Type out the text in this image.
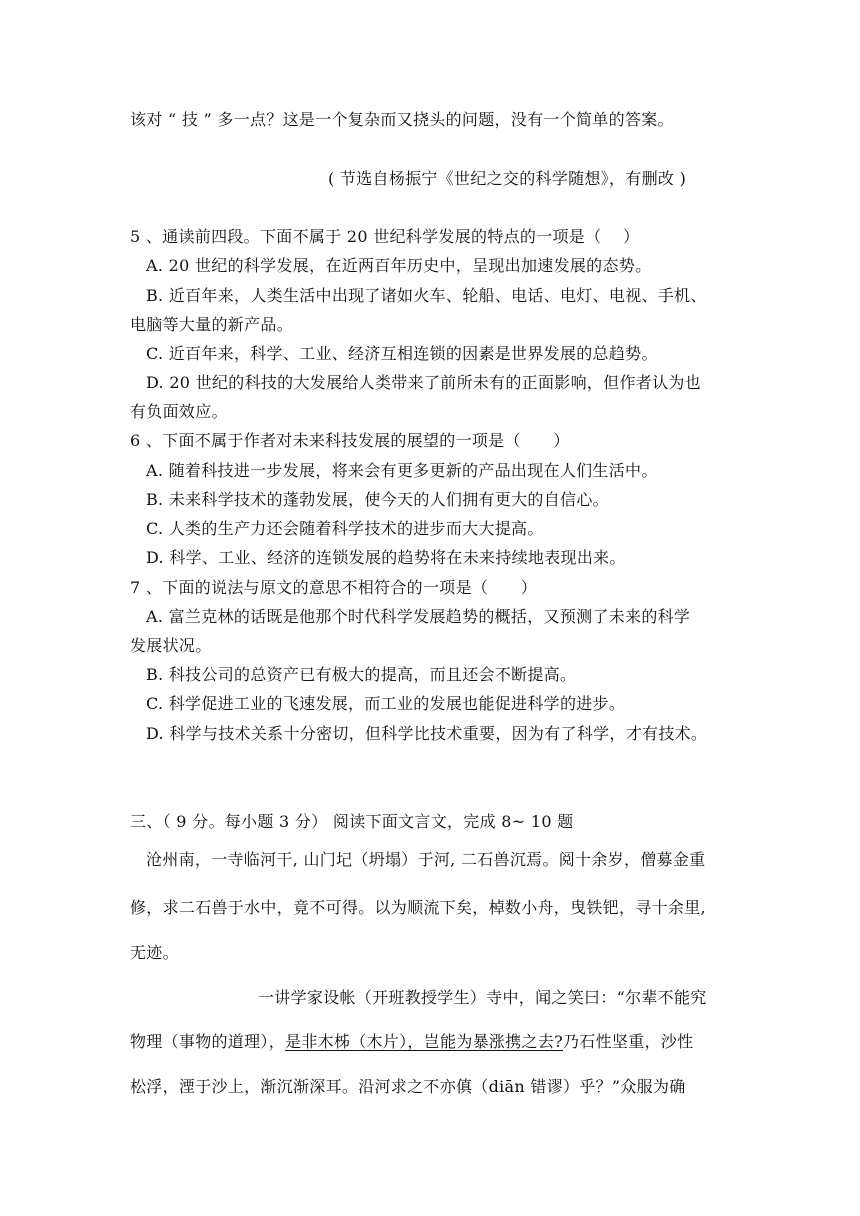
该对 “ 技 ” 多一点？这是一个复杂而又挠头的问题，没有一个简单的答案。
( 节选自杨振宁《世纪之交的科学随想》，有删改 )
5 、通读前四段。下面不属于 20 世纪科学发展的特点的一项是（　 ）
A. 20 世纪的科学发展，在近两百年历史中，呈现出加速发展的态势。
B. 近百年来，人类生活中出现了诸如火车、轮船、电话、电灯、电视、手机、
电脑等大量的新产品。
C. 近百年来，科学、工业、经济互相连锁的因素是世界发展的总趋势。
D. 20 世纪的科技的大发展给人类带来了前所未有的正面影响，但作者认为也
有负面效应。
6 、下面不属于作者对未来科技发展的展望的一项是（　　）
A. 随着科技进一步发展，将来会有更多更新的产品出现在人们生活中。
B. 未来科学技术的蓬勃发展，使今天的人们拥有更大的自信心。
C. 人类的生产力还会随着科学技术的进步而大大提高。
D. 科学、工业、经济的连锁发展的趋势将在未来持续地表现出来。
7 、下面的说法与原文的意思不相符合的一项是（　　）
A. 富兰克林的话既是他那个时代科学发展趋势的概括，又预测了未来的科学
发展状况。
B. 科技公司的总资产已有极大的提高，而且还会不断提高。
C. 科学促进工业的飞速发展，而工业的发展也能促进科学的进步。
D. 科学与技术关系十分密切，但科学比技术重要，因为有了科学，才有技术。
三、（ 9 分。每小题 3 分） 阅读下面文言文，完成 8~ 10 题
沧州南，一寺临河干, 山门圮（坍塌）于河, 二石兽沉焉。阅十余岁，僧募金重
修，求二石兽于水中，竟不可得。以为顺流下矣，棹数小舟，曳铁钯，寻十余里,
无迹。
一讲学家设帐（开班教授学生）寺中，闻之笑曰：“尔辈不能究
物理（事物的道理），是非木柹（木片），岂能为暴涨携之去?乃石性坚重，沙性
松浮，湮于沙上，渐沉渐深耳。沿河求之不亦傎（diān 错谬）乎？”众服为确
